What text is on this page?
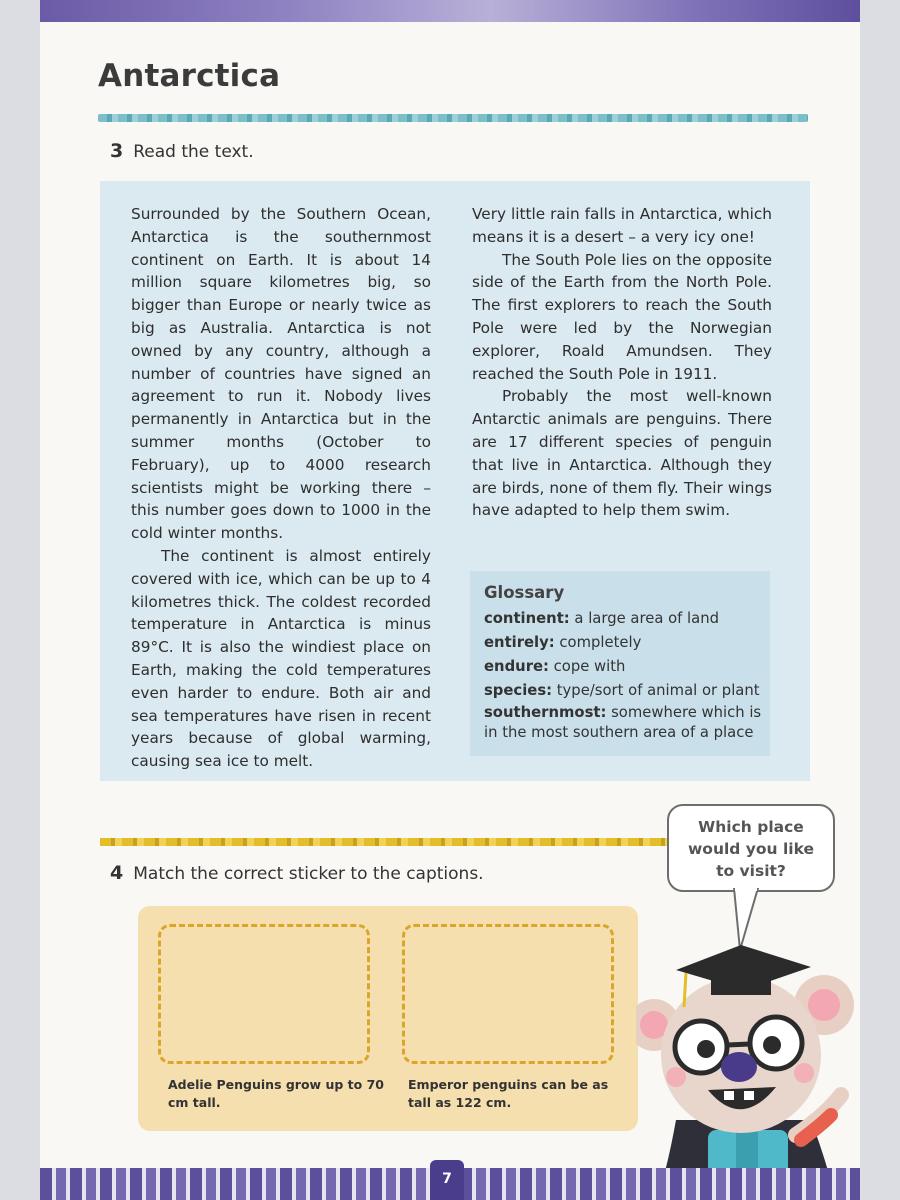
Antarctica
3 Read the text.

Surrounded by the Southern Ocean, Antarctica is the southernmost continent on Earth. It is about 14 million square kilometres big, so bigger than Europe or nearly twice as big as Australia. Antarctica is not owned by any country, although a number of countries have signed an agreement to run it. Nobody lives permanently in Antarctica but in the summer months (October to February), up to 4000 research scientists might be working there – this number goes down to 1000 in the cold winter months.

The continent is almost entirely covered with ice, which can be up to 4 kilometres thick. The coldest recorded temperature in Antarctica is minus 89°C. It is also the windiest place on Earth, making the cold temperatures even harder to endure. Both air and sea temperatures have risen in recent years because of global warming, causing sea ice to melt.

Very little rain falls in Antarctica, which means it is a desert – a very icy one!

The South Pole lies on the opposite side of the Earth from the North Pole. The first explorers to reach the South Pole were led by the Norwegian explorer, Roald Amundsen. They reached the South Pole in 1911.

Probably the most well-known Antarctic animals are penguins. There are 17 different species of penguin that live in Antarctica. Although they are birds, none of them fly. Their wings have adapted to help them swim.

Glossary

continent: a large area of land

entirely: completely

endure: cope with

species: type/sort of animal or plant

southernmost: somewhere which is in the most southern area of a place

Which place
would you like
to visit?
4 Match the correct sticker to the captions.
Adelie Penguins grow up to 70 cm tall.
Emperor penguins can be as tall as 122 cm.
7
